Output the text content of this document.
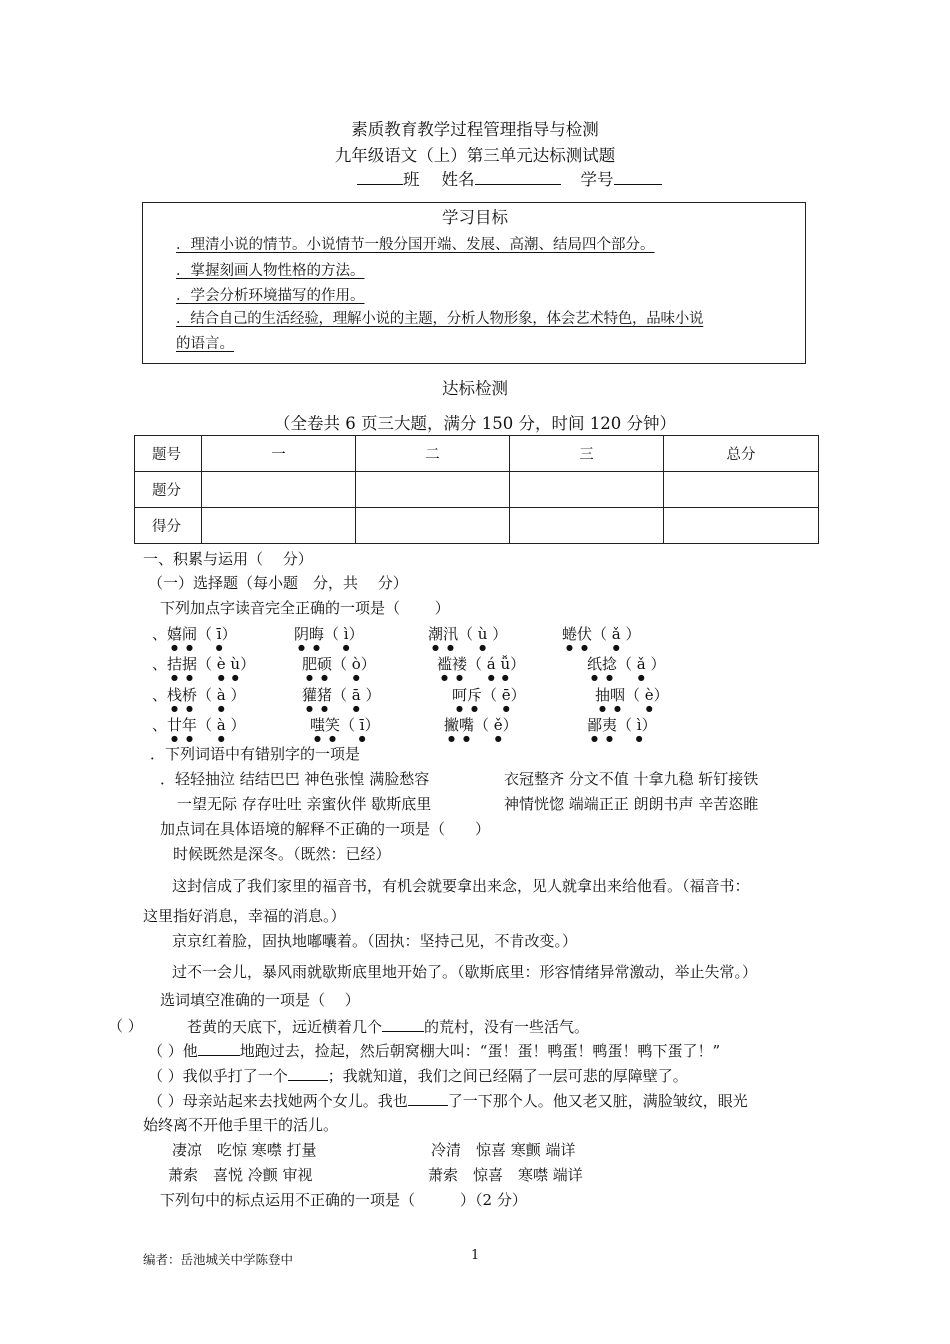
素质教育教学过程管理指导与检测
九年级语文（上）第三单元达标测试题
班 姓名	学号
学习目标
．理清小说的情节。小说情节一般分国开端、发展、高潮、结局四个部分。
．掌握刻画人物性格的方法。
．学会分析环境描写的作用。
．结合自己的生活经验，理解小说的主题，分析人物形象，体会艺术特色，品味小说
的语言。
达标检测
（全卷共 6 页三大题，满分 150 分，时间 120 分钟）
题号	一	二	三	总分
题分				
得分				
一、积累与运用（　 分）
（一）选择题（每小题　分，共　 分）
下列加点字读音完全正确的一项是（　　 ）
、嬉闹（ ī）	阴晦（ ì）	潮汛（ ù ）	蜷伏（ ǎ ）
、拮据（ è ù）	肥硕（ ò）	褴褛（ á ǚ）	纸捻（ ǎ ）
、栈桥（ à ）	獾猪（ ā ）	呵斥（ ē）	抽咽（ è）
、廿年（ à ）	嗤笑（ ī）	撇嘴（ ě）	鄙夷（ ì）
．下列词语中有错别字的一项是
．轻轻抽泣 结结巴巴 神色张惶 满脸愁容	衣冠整齐 分文不值 十拿九稳 斩钉接铁
一望无际 存存吐吐 亲蜜伙伴 歇斯底里	神情恍惚 端端正正 朗朗书声 辛苦恣睢
加点词在具体语境的解释不正确的一项是（　　）
时候既然是深冬。（既然：已经）
这封信成了我们家里的福音书，有机会就要拿出来念，见人就拿出来给他看。（福音书：
这里指好消息，幸福的消息。）
京京红着脸，固执地嘟囔着。（固执：坚持己见，不肯改变。）
过不一会儿，暴风雨就歇斯底里地开始了。（歇斯底里：形容情绪异常激动，举止失常。）
选词填空准确的一项是（　 ）
（ ）	苍黄的天底下，远近横着几个	的荒村，没有一些活气。
（ ）他	地跑过去，捡起，然后朝窝棚大叫：“蛋！蛋！鸭蛋！鸭蛋！鸭下蛋了！”
（ ）我似乎打了一个	；我就知道，我们之间已经隔了一层可悲的厚障壁了。
（ ）母亲站起来去找她两个女儿。我也	了一下那个人。他又老又脏，满脸皱纹，眼光
始终离不开他手里干的活儿。
凄凉　吃惊 寒噤 打量	冷清　惊喜 寒颤 端详
萧索　喜悦 冷颤 审视	萧索　惊喜　寒噤 端详
下列句中的标点运用不正确的一项是（　　　）（2 分）
编者：岳池城关中学陈登中	1
